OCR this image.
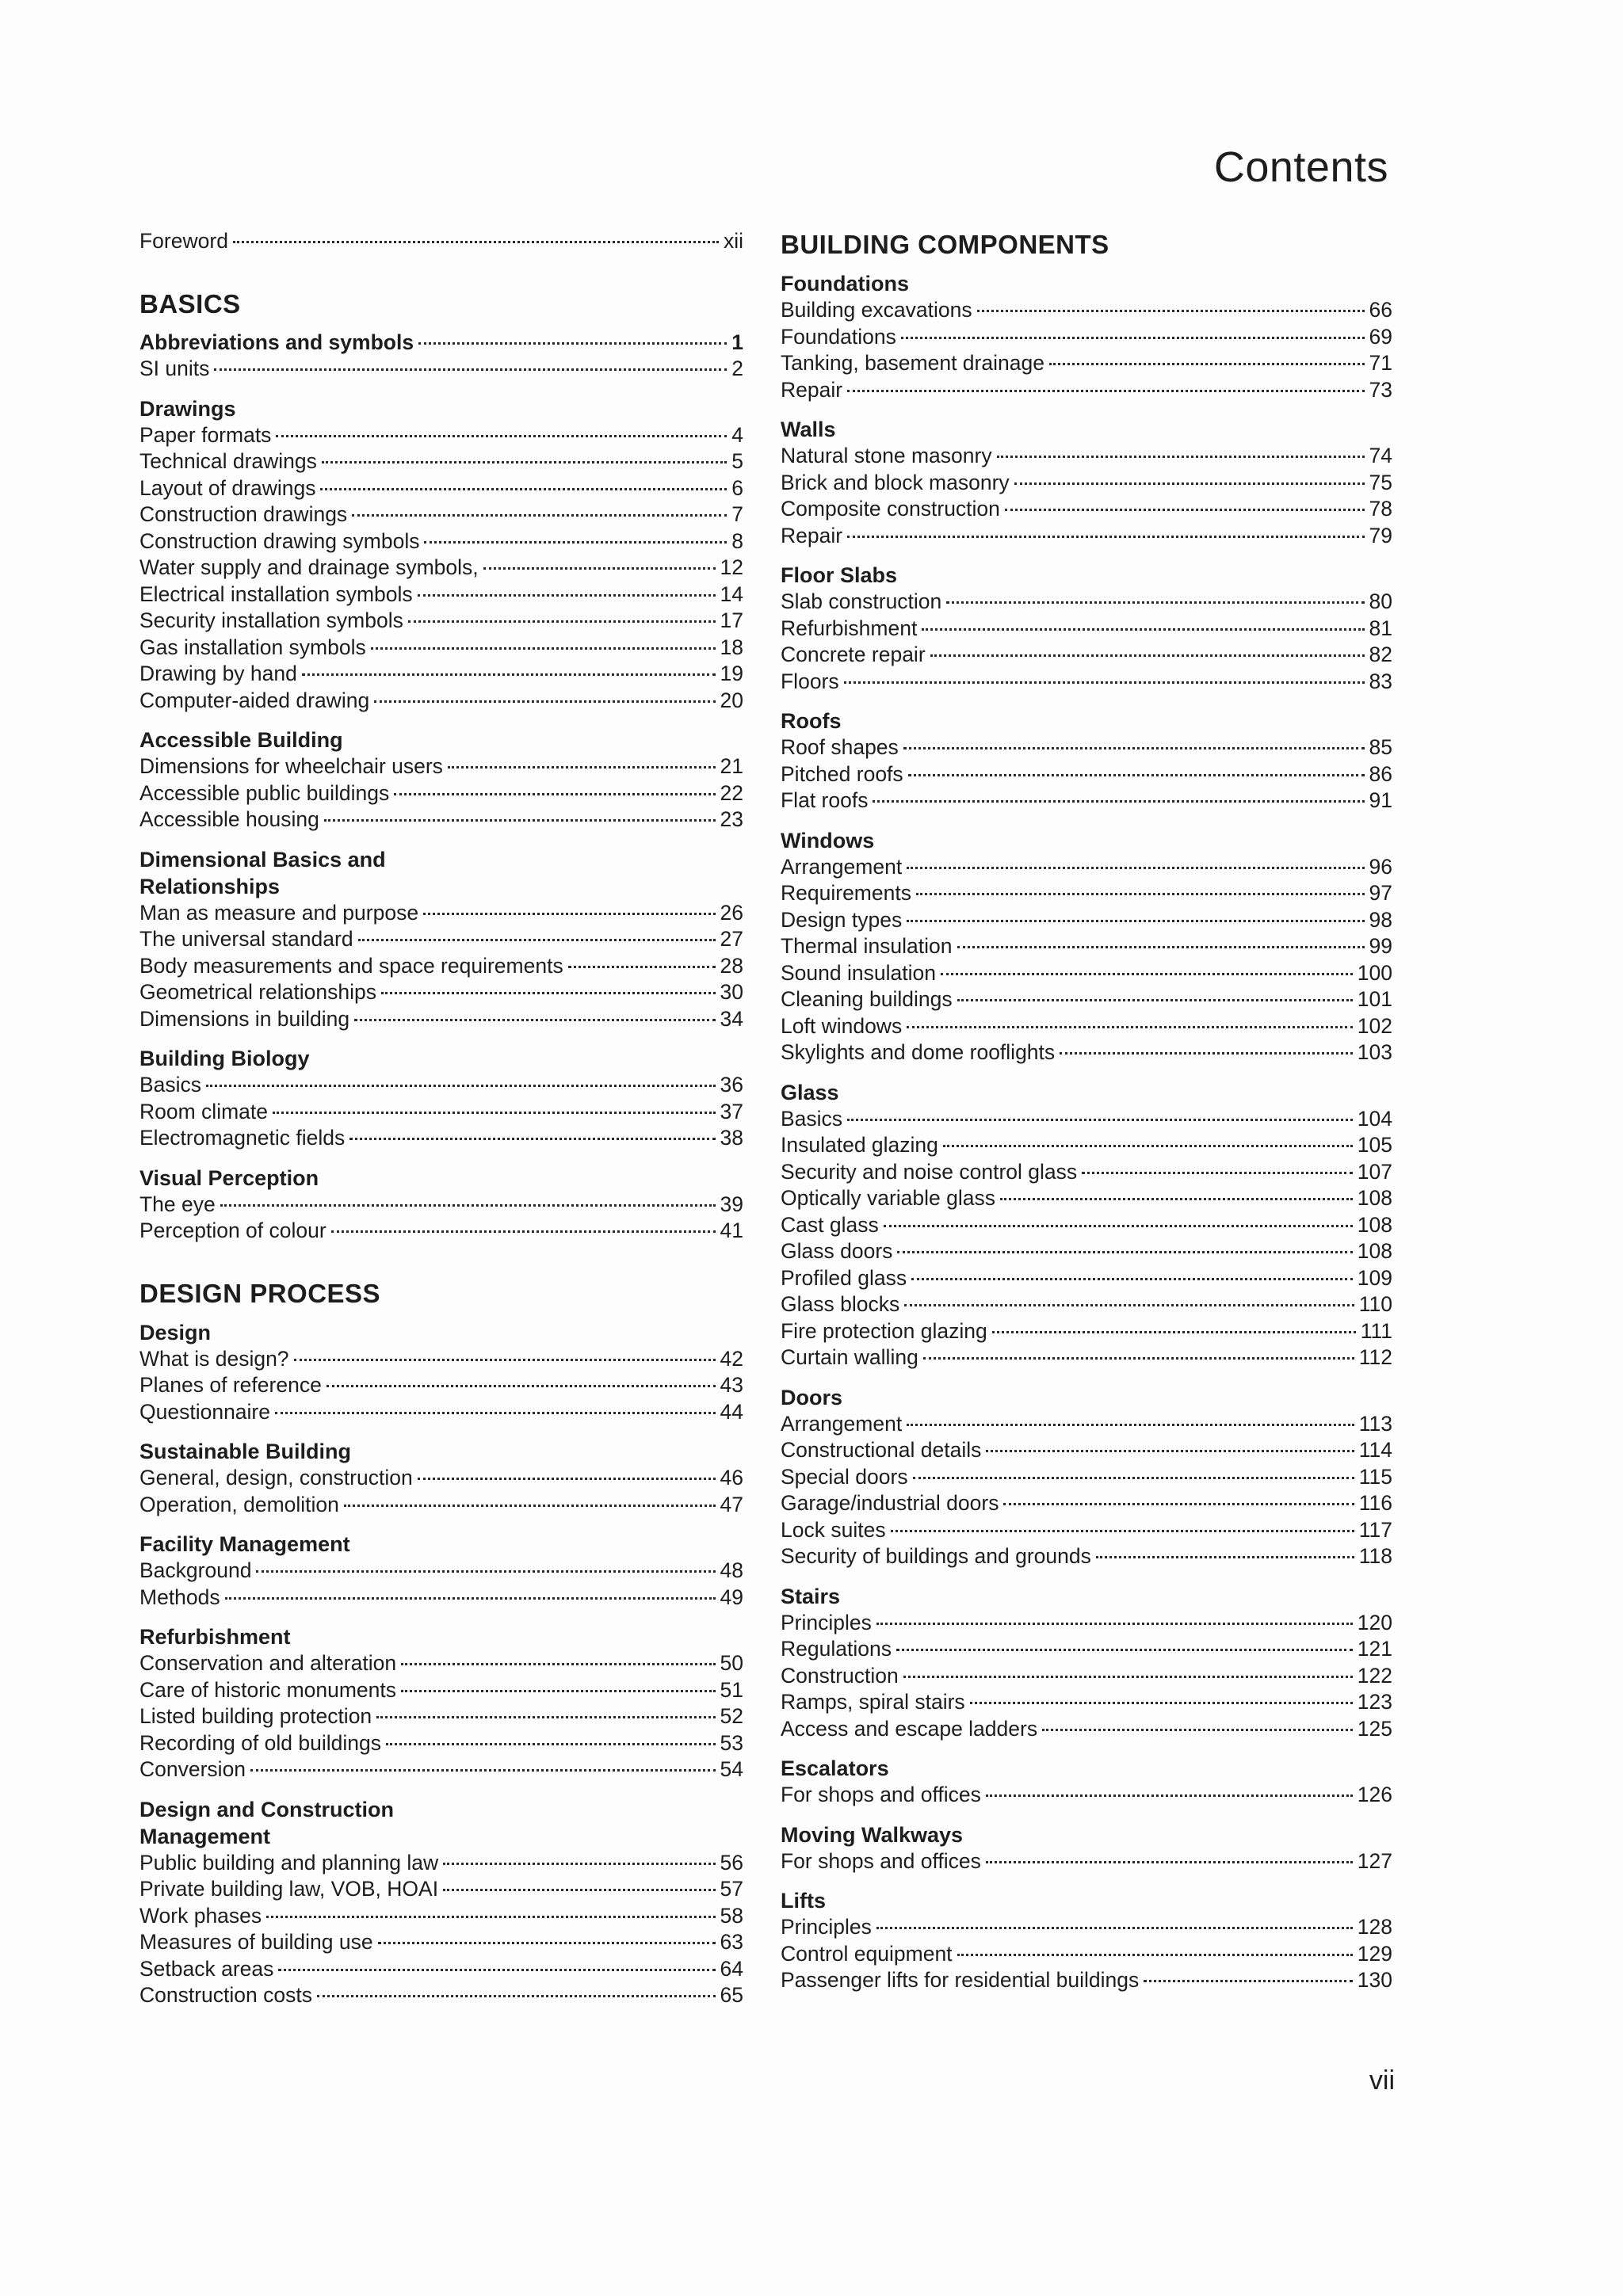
Contents
Foreword	xii
BASICS
Abbreviations and symbols	1
SI units	2
Drawings
Paper formats	4
Technical drawings	5
Layout of drawings	6
Construction drawings	7
Construction drawing symbols	8
Water supply and drainage symbols,	12
Electrical installation symbols	14
Security installation symbols	17
Gas installation symbols	18
Drawing by hand	19
Computer-aided drawing	20
Accessible Building
Dimensions for wheelchair users	21
Accessible public buildings	22
Accessible housing	23
Dimensional Basics and
Relationships
Man as measure and purpose	26
The universal standard	27
Body measurements and space requirements	28
Geometrical relationships	30
Dimensions in building	34
Building Biology
Basics	36
Room climate	37
Electromagnetic fields	38
Visual Perception
The eye	39
Perception of colour	41
DESIGN PROCESS
Design
What is design?	42
Planes of reference	43
Questionnaire	44
Sustainable Building
General, design, construction	46
Operation, demolition	47
Facility Management
Background	48
Methods	49
Refurbishment
Conservation and alteration	50
Care of historic monuments	51
Listed building protection	52
Recording of old buildings	53
Conversion	54
Design and Construction
Management
Public building and planning law	56
Private building law, VOB, HOAI	57
Work phases	58
Measures of building use	63
Setback areas	64
Construction costs	65
BUILDING COMPONENTS
Foundations
Building excavations	66
Foundations	69
Tanking, basement drainage	71
Repair	73
Walls
Natural stone masonry	74
Brick and block masonry	75
Composite construction	78
Repair	79
Floor Slabs
Slab construction	80
Refurbishment	81
Concrete repair	82
Floors	83
Roofs
Roof shapes	85
Pitched roofs	86
Flat roofs	91
Windows
Arrangement	96
Requirements	97
Design types	98
Thermal insulation	99
Sound insulation	100
Cleaning buildings	101
Loft windows	102
Skylights and dome rooflights	103
Glass
Basics	104
Insulated glazing	105
Security and noise control glass	107
Optically variable glass	108
Cast glass	108
Glass doors	108
Profiled glass	109
Glass blocks	110
Fire protection glazing	111
Curtain walling	112
Doors
Arrangement	113
Constructional details	114
Special doors	115
Garage/industrial doors	116
Lock suites	117
Security of buildings and grounds	118
Stairs
Principles	120
Regulations	121
Construction	122
Ramps, spiral stairs	123
Access and escape ladders	125
Escalators
For shops and offices	126
Moving Walkways
For shops and offices	127
Lifts
Principles	128
Control equipment	129
Passenger lifts for residential buildings	130
vii
